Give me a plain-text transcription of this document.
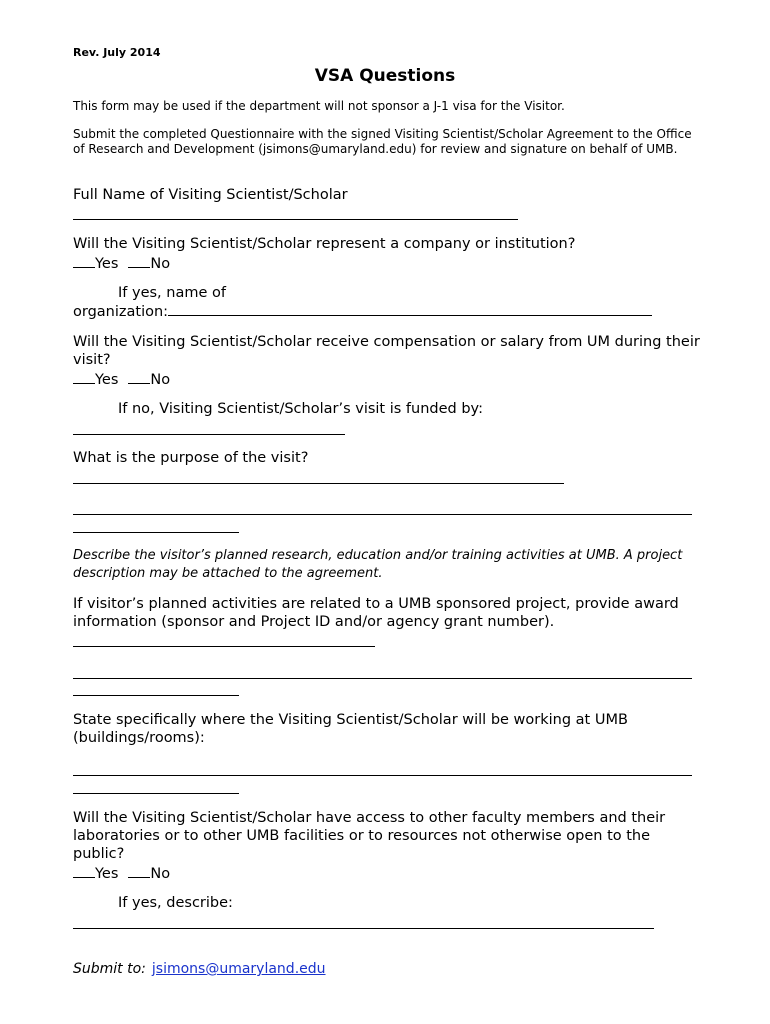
Rev. July 2014
VSA Questions
This form may be used if the department will not sponsor a J-1 visa for the Visitor.
Submit the completed Questionnaire with the signed Visiting Scientist/Scholar Agreement to the Office of Research and Development (jsimons@umaryland.edu) for review and signature on behalf of UMB.
Full Name of Visiting Scientist/Scholar
Will the Visiting Scientist/Scholar represent a company or institution?
Yes No
If yes, name of
organization:
Will the Visiting Scientist/Scholar receive compensation or salary from UM during their visit?
Yes No
If no, Visiting Scientist/Scholar’s visit is funded by:
What is the purpose of the visit?
Describe the visitor’s planned research, education and/or training activities at UMB. A project description may be attached to the agreement.
If visitor’s planned activities are related to a UMB sponsored project, provide award information (sponsor and Project ID and/or agency grant number).
State specifically where the Visiting Scientist/Scholar will be working at UMB (buildings/rooms):
Will the Visiting Scientist/Scholar have access to other faculty members and their laboratories or to other UMB facilities or to resources not otherwise open to the public?
Yes No
If yes, describe:
Submit to: jsimons@umaryland.edu
